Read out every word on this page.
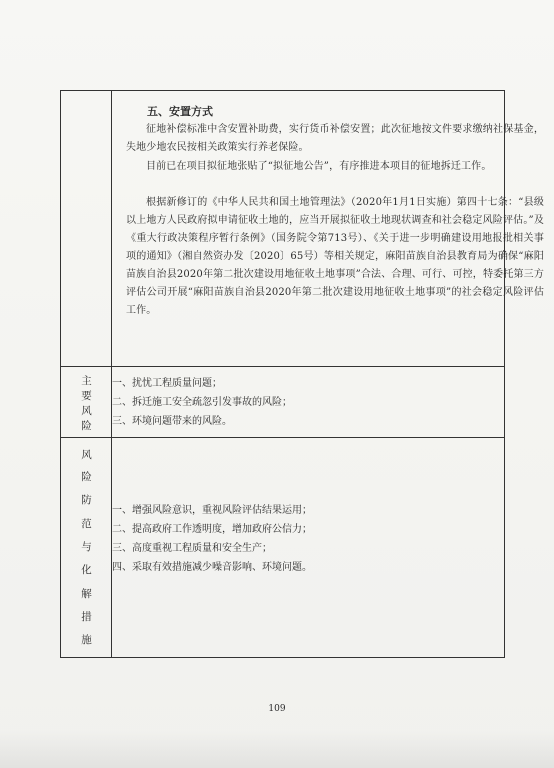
五、安置方式
征地补偿标准中含安置补助费，实行货币补偿安置；此次征地按文件要求缴纳社保基金，失地少地农民按相关政策实行养老保险。
目前已在项目拟征地张贴了“拟征地公告”，有序推进本项目的征地拆迁工作。
根据新修订的《中华人民共和国土地管理法》（2020年1月1日实施）第四十七条：“县级以上地方人民政府拟申请征收土地的，应当开展拟征收土地现状调查和社会稳定风险评估。”及《重大行政决策程序暂行条例》（国务院令第713号）、《关于进一步明确建设用地报批相关事项的通知》（湘自然资办发〔2020〕65号）等相关规定，麻阳苗族自治县教育局为确保“麻阳苗族自治县2020年第二批次建设用地征收土地事项”合法、合理、可行、可控，特委托第三方评估公司开展“麻阳苗族自治县2020年第二批次建设用地征收土地事项”的社会稳定风险评估工作。
主
要
风
险
一、扰忧工程质量问题；
二、拆迁施工安全疏忽引发事故的风险；
三、环境问题带来的风险。
风
险
防
范
与
化
解
措
施
一、增强风险意识，重视风险评估结果运用；
二、提高政府工作透明度，增加政府公信力；
三、高度重视工程质量和安全生产；
四、采取有效措施减少噪音影响、环境问题。
109
